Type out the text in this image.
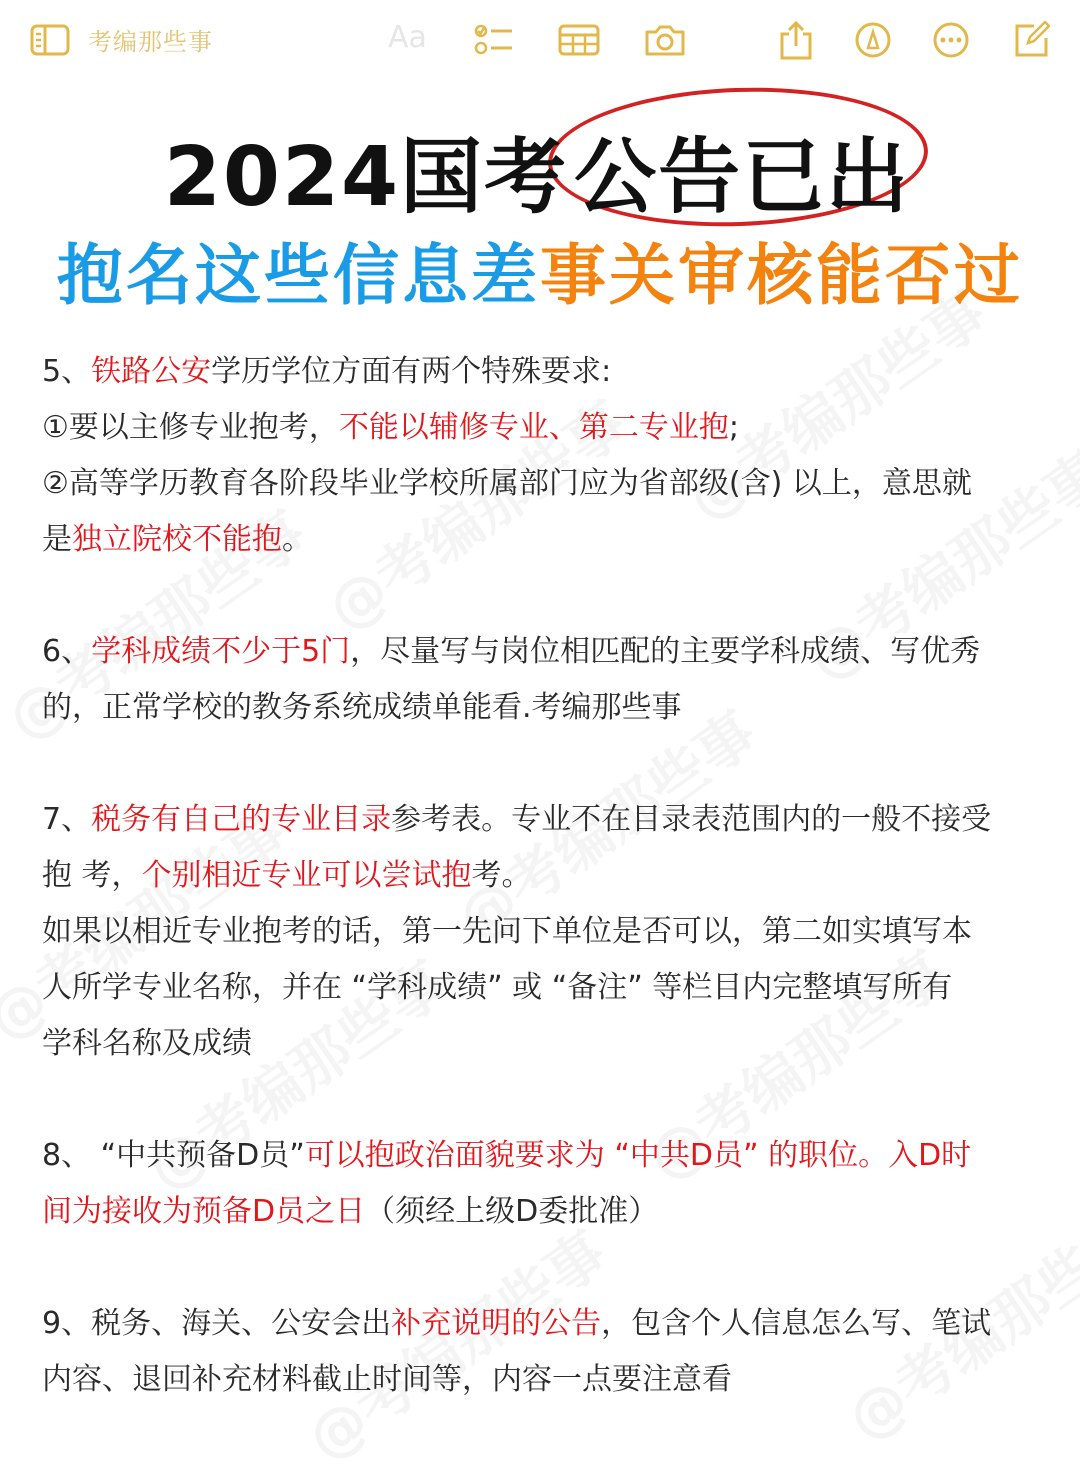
考编那些事	Aa
2024国考公告已出
抱名这些信息差事关审核能否过

5、铁路公安学历学位方面有两个特殊要求:

①要以主修专业抱考，不能以辅修专业、第二专业抱;

②高等学历教育各阶段毕业学校所属部门应为省部级(含) 以上，意思就

是独立院校不能抱。

6、学科成绩不少于5门，尽量写与岗位相匹配的主要学科成绩、写优秀

的，正常学校的教务系统成绩单能看.考编那些事

7、税务有自己的专业目录参考表。专业不在目录表范围内的一般不接受

抱 考，个别相近专业可以尝试抱考。

如果以相近专业抱考的话，第一先问下单位是否可以，第二如实填写本

人所学专业名称，并在 “学科成绩” 或 “备注” 等栏目内完整填写所有

学科名称及成绩

8、 “中共预备D员”可以抱政治面貌要求为 “中共D员” 的职位。入D时

间为接收为预备D员之日（须经上级D委批准）

9、税务、海关、公安会出补充说明的公告，包含个人信息怎么写、笔试

内容、退回补充材料截止时间等，内容一点要注意看
